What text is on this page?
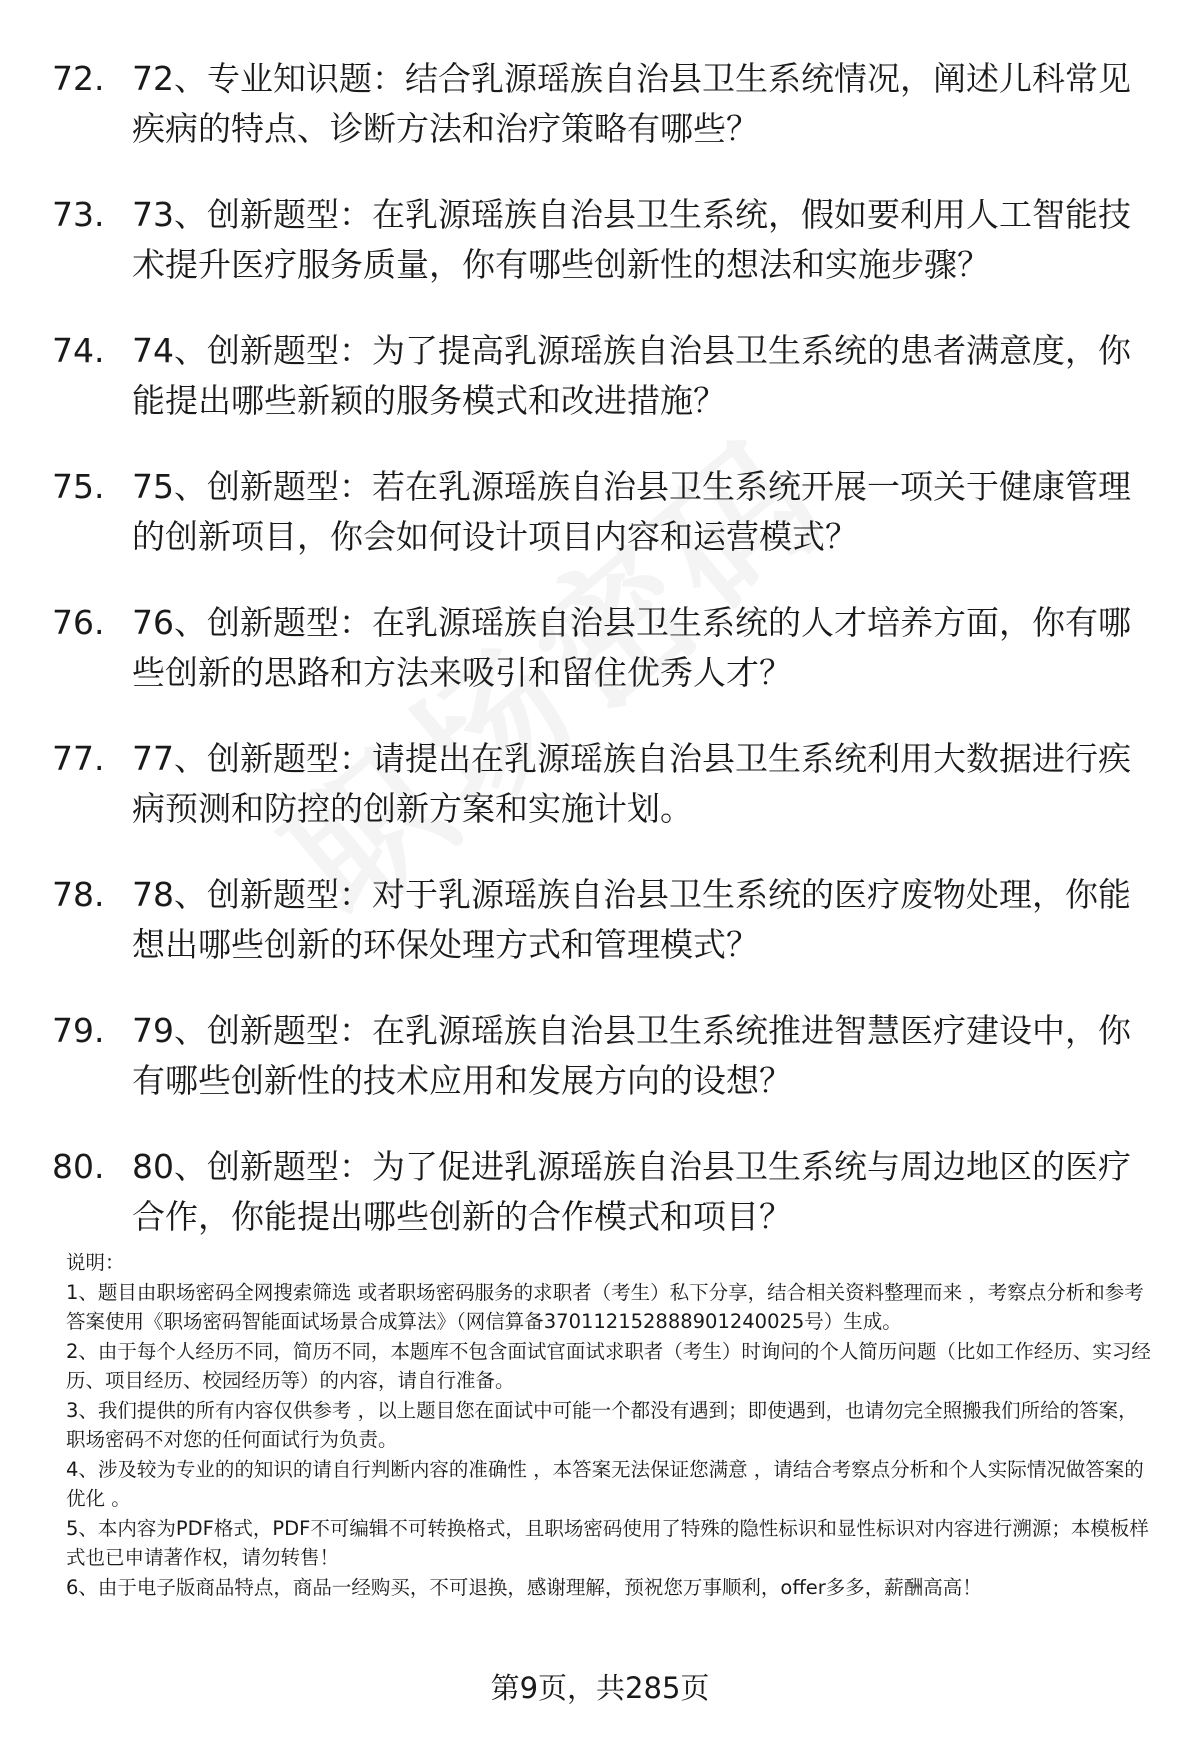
72. 72、专业知识题：结合乳源瑶族自治县卫生系统情况，阐述儿科常见疾病的特点、诊断方法和治疗策略有哪些？
73. 73、创新题型：在乳源瑶族自治县卫生系统，假如要利用人工智能技术提升医疗服务质量，你有哪些创新性的想法和实施步骤？
74. 74、创新题型：为了提高乳源瑶族自治县卫生系统的患者满意度，你能提出哪些新颖的服务模式和改进措施？
75. 75、创新题型：若在乳源瑶族自治县卫生系统开展一项关于健康管理的创新项目，你会如何设计项目内容和运营模式？
76. 76、创新题型：在乳源瑶族自治县卫生系统的人才培养方面，你有哪些创新的思路和方法来吸引和留住优秀人才？
77. 77、创新题型：请提出在乳源瑶族自治县卫生系统利用大数据进行疾病预测和防控的创新方案和实施计划。
78. 78、创新题型：对于乳源瑶族自治县卫生系统的医疗废物处理，你能想出哪些创新的环保处理方式和管理模式？
79. 79、创新题型：在乳源瑶族自治县卫生系统推进智慧医疗建设中，你有哪些创新性的技术应用和发展方向的设想？
80. 80、创新题型：为了促进乳源瑶族自治县卫生系统与周边地区的医疗合作，你能提出哪些创新的合作模式和项目？

说明：

1、题目由职场密码全网搜索筛选 或者职场密码服务的求职者（考生）私下分享，结合相关资料整理而来 ，考察点分析和参考答案使用《职场密码智能面试场景合成算法》（网信算备370112152888901240025号）生成。

2、由于每个人经历不同，简历不同，本题库不包含面试官面试求职者（考生）时询问的个人简历问题（比如工作经历、实习经历、项目经历、校园经历等）的内容，请自行准备。

3、我们提供的所有内容仅供参考 ，以上题目您在面试中可能一个都没有遇到；即使遇到，也请勿完全照搬我们所给的答案，职场密码不对您的任何面试行为负责。

4、涉及较为专业的的知识的请自行判断内容的准确性 ，本答案无法保证您满意 ，请结合考察点分析和个人实际情况做答案的优化 。

5、本内容为PDF格式，PDF不可编辑不可转换格式，且职场密码使用了特殊的隐性标识和显性标识对内容进行溯源；本模板样式也已申请著作权，请勿转售！

6、由于电子版商品特点，商品一经购买，不可退换，感谢理解，预祝您万事顺利，offer多多，薪酬高高！

第9页，共285页
